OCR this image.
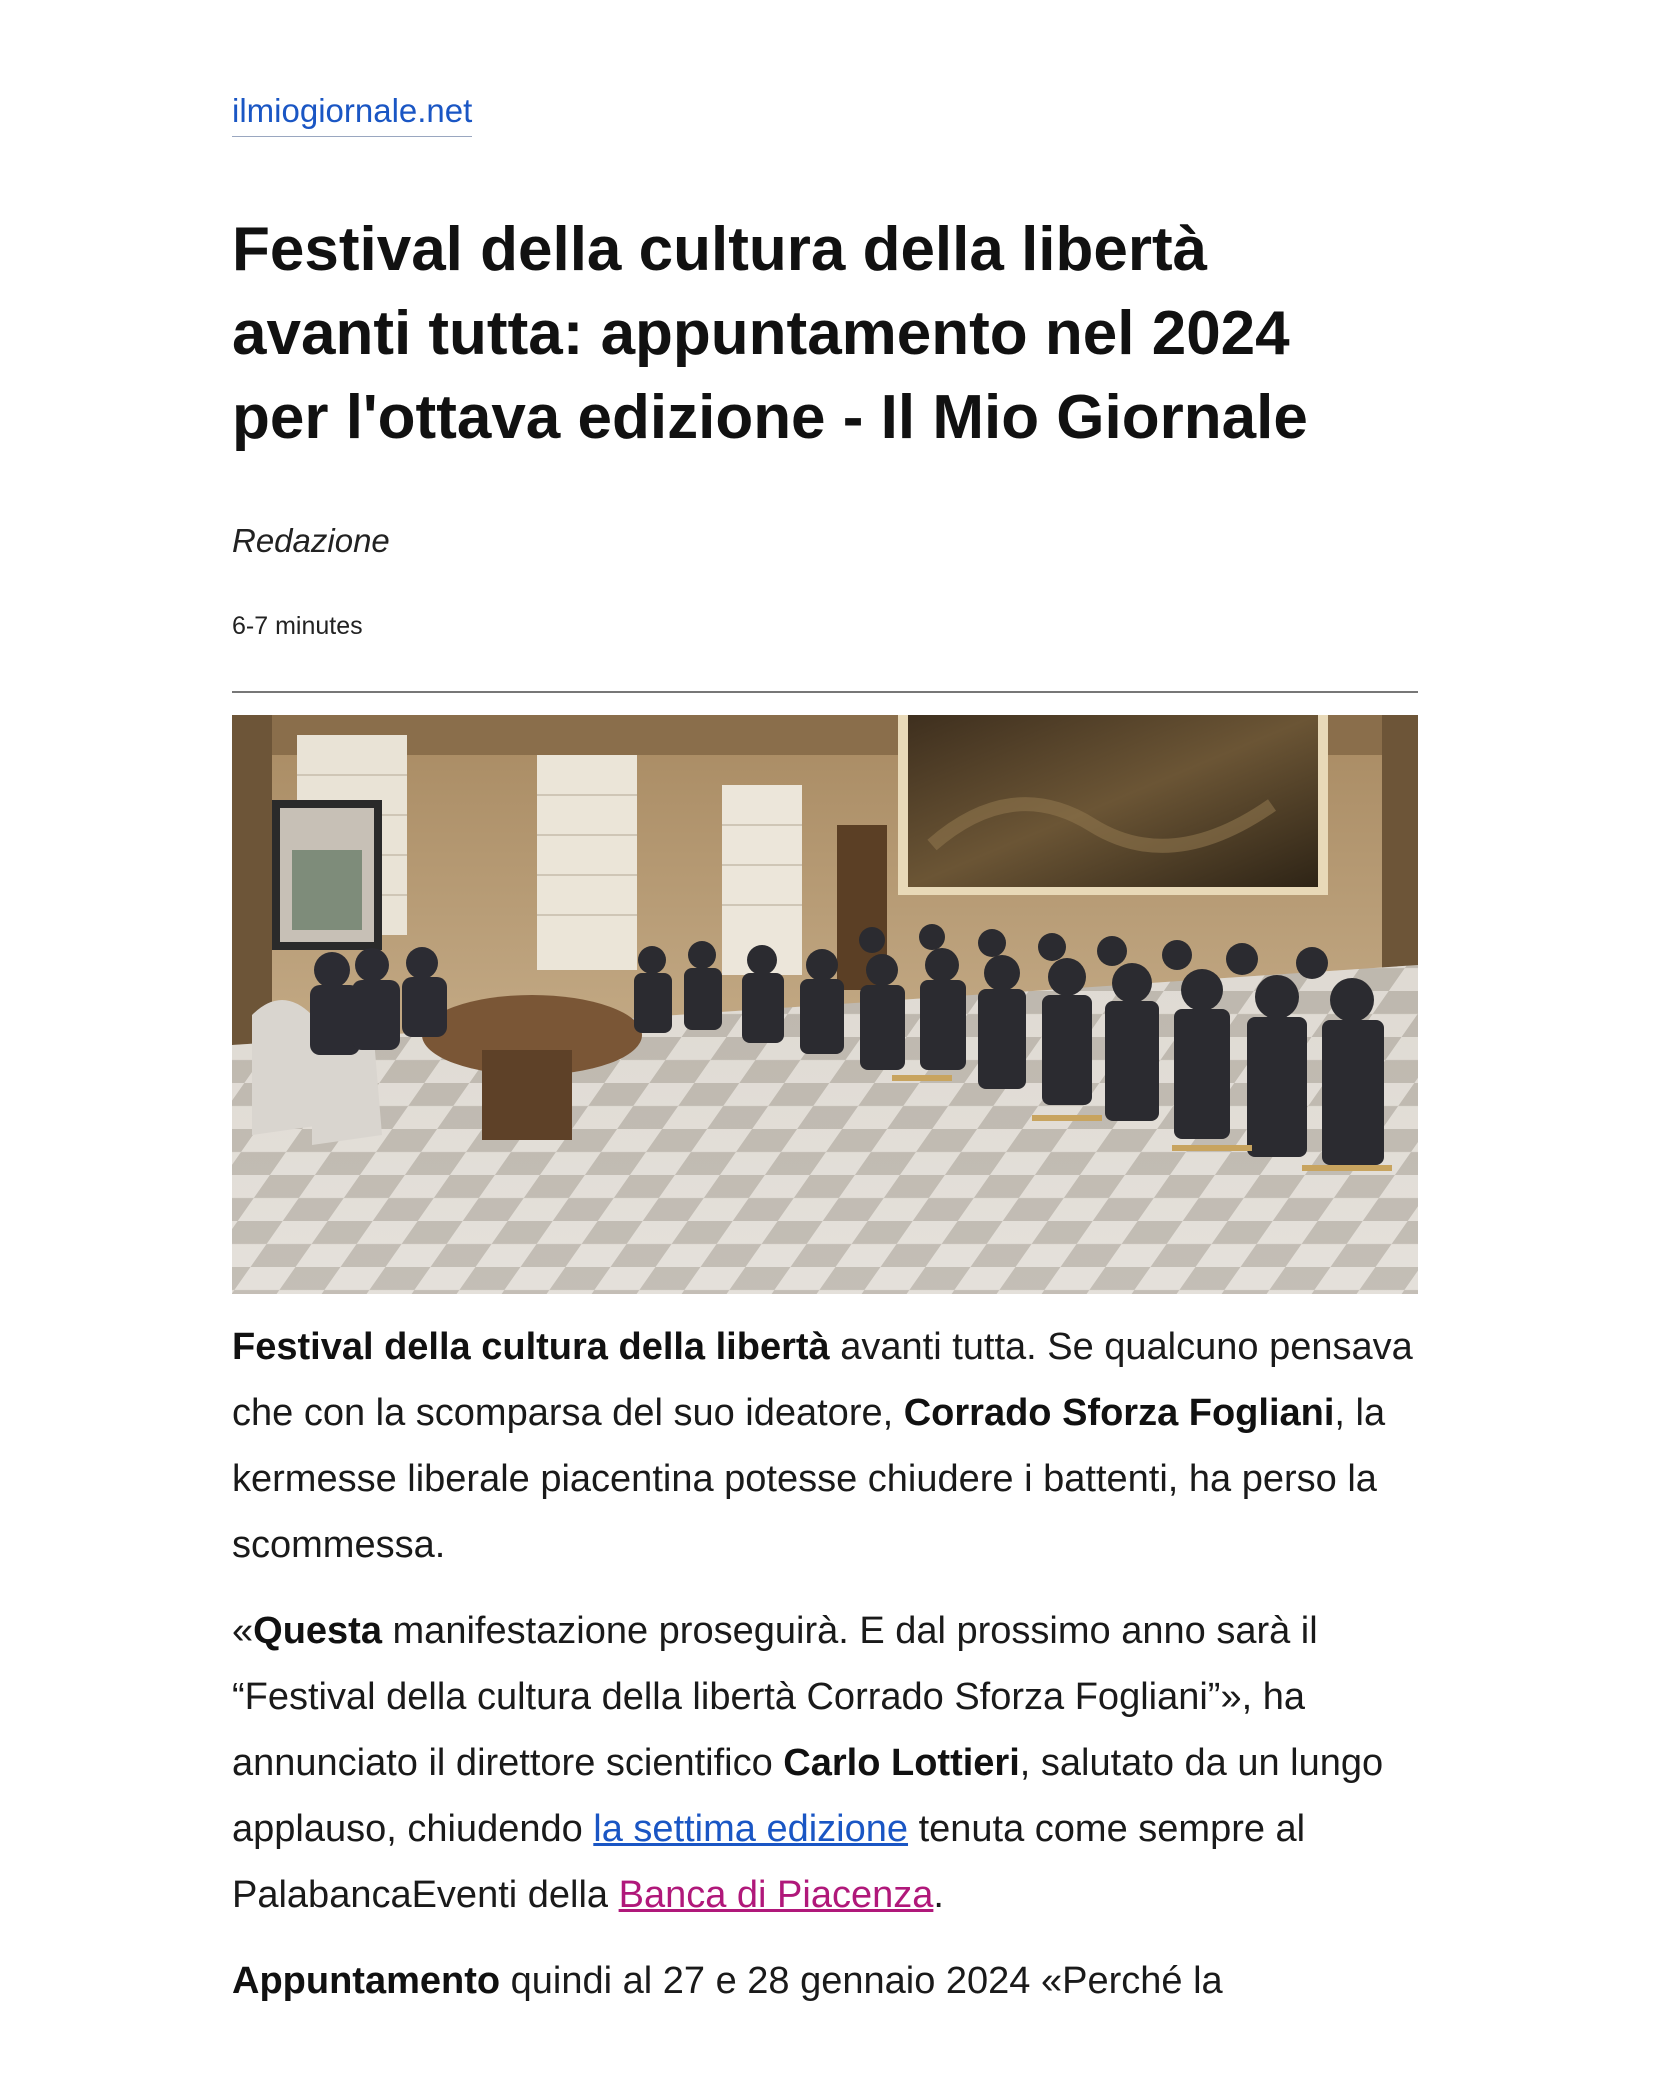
ilmiogiornale.net
Festival della cultura della libertà
avanti tutta: appuntamento nel 2024
per l'ottava edizione - Il Mio Giornale
Redazione
6-7 minutes

Festival della cultura della libertà avanti tutta. Se qualcuno pensava che con la scomparsa del suo ideatore, Corrado Sforza Fogliani, la kermesse liberale piacentina potesse chiudere i battenti, ha perso la scommessa.

«Questa manifestazione proseguirà. E dal prossimo anno sarà il “Festival della cultura della libertà Corrado Sforza Fogliani”», ha annunciato il direttore scientifico Carlo Lottieri, salutato da un lungo applauso, chiudendo la settima edizione tenuta come sempre al PalabancaEventi della Banca di Piacenza.

Appuntamento quindi al 27 e 28 gennaio 2024 «Perché la
